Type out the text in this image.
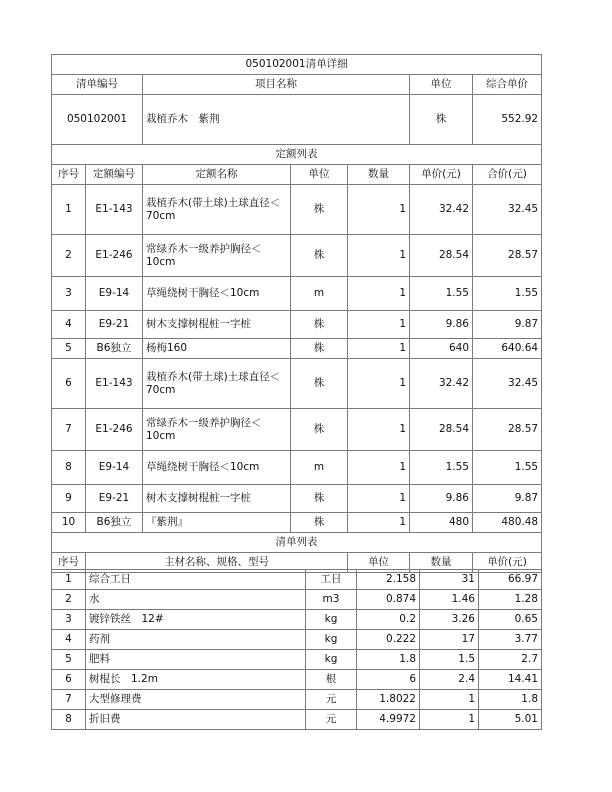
050102001清单详细						
清单编号		项目名称			单位	综合单价
050102001		栽植乔木　紫荆			株	552.92
定额列表						
序号	定额编号	定额名称	单位	数量	单价(元)	合价(元)
1	E1-143	栽植乔木(带土球)土球直径＜70cm	株	1	32.42	32.45
2	E1-246	常绿乔木一级养护胸径＜10cm	株	1	28.54	28.57
3	E9-14	草绳绕树干胸径＜10cm	m	1	1.55	1.55
4	E9-21	树木支撑树棍桩一字桩	株	1	9.86	9.87
5	B6独立	杨梅160	株	1	640	640.64
6	E1-143	栽植乔木(带土球)土球直径＜70cm	株	1	32.42	32.45
7	E1-246	常绿乔木一级养护胸径＜10cm	株	1	28.54	28.57
8	E9-14	草绳绕树干胸径＜10cm	m	1	1.55	1.55
9	E9-21	树木支撑树棍桩一字桩	株	1	9.86	9.87
10	B6独立	『紫荆』	株	1	480	480.48
清单列表						
序号	主材名称、规格、型号			单位	数量	单价(元)
1	综合工日	工日	2.158	31	66.97
2	水	m3	0.874	1.46	1.28
3	镀锌铁丝　12#	kg	0.2	3.26	0.65
4	药剂	kg	0.222	17	3.77
5	肥料	kg	1.8	1.5	2.7
6	树棍长　1.2m	根	6	2.4	14.41
7	大型修理费	元	1.8022	1	1.8
8	折旧费	元	4.9972	1	5.01
